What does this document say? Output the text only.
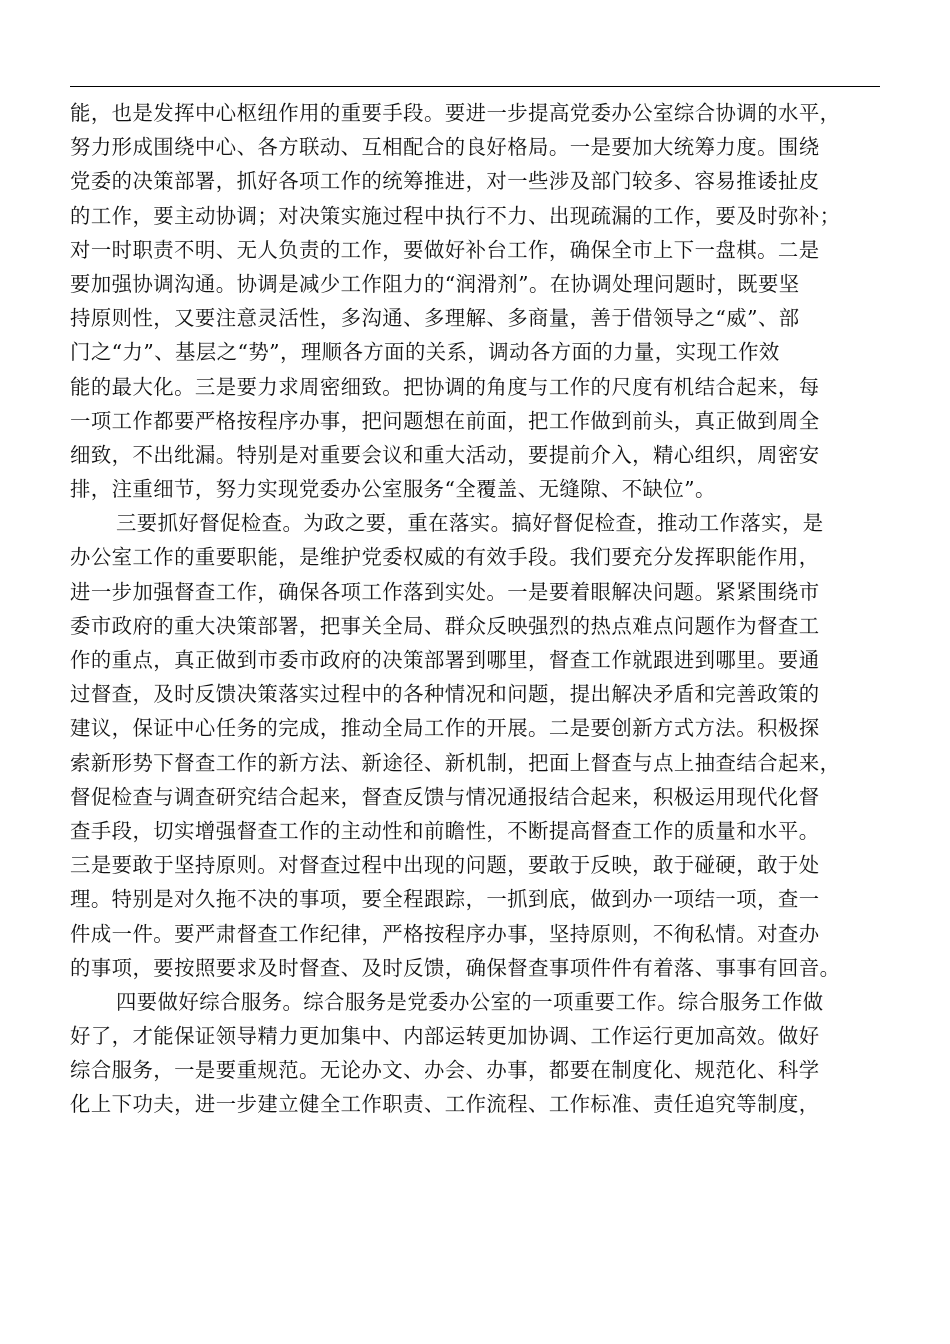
能，也是发挥中心枢纽作用的重要手段。要进一步提高党委办公室综合协调的水平，
努力形成围绕中心、各方联动、互相配合的良好格局。一是要加大统筹力度。围绕
党委的决策部署，抓好各项工作的统筹推进，对一些涉及部门较多、容易推诿扯皮
的工作，要主动协调；对决策实施过程中执行不力、出现疏漏的工作，要及时弥补；
对一时职责不明、无人负责的工作，要做好补台工作，确保全市上下一盘棋。二是
要加强协调沟通。协调是减少工作阻力的“润滑剂”。在协调处理问题时，既要坚
持原则性，又要注意灵活性，多沟通、多理解、多商量，善于借领导之“威”、部
门之“力”、基层之“势”，理顺各方面的关系，调动各方面的力量，实现工作效
能的最大化。三是要力求周密细致。把协调的角度与工作的尺度有机结合起来，每
一项工作都要严格按程序办事，把问题想在前面，把工作做到前头，真正做到周全
细致，不出纰漏。特别是对重要会议和重大活动，要提前介入，精心组织，周密安
排，注重细节，努力实现党委办公室服务“全覆盖、无缝隙、不缺位”。
三要抓好督促检查。为政之要，重在落实。搞好督促检查，推动工作落实，是
办公室工作的重要职能，是维护党委权威的有效手段。我们要充分发挥职能作用，
进一步加强督查工作，确保各项工作落到实处。一是要着眼解决问题。紧紧围绕市
委市政府的重大决策部署，把事关全局、群众反映强烈的热点难点问题作为督查工
作的重点，真正做到市委市政府的决策部署到哪里，督查工作就跟进到哪里。要通
过督查，及时反馈决策落实过程中的各种情况和问题，提出解决矛盾和完善政策的
建议，保证中心任务的完成，推动全局工作的开展。二是要创新方式方法。积极探
索新形势下督查工作的新方法、新途径、新机制，把面上督查与点上抽查结合起来，
督促检查与调查研究结合起来，督查反馈与情况通报结合起来，积极运用现代化督
查手段，切实增强督查工作的主动性和前瞻性，不断提高督查工作的质量和水平。
三是要敢于坚持原则。对督查过程中出现的问题，要敢于反映，敢于碰硬，敢于处
理。特别是对久拖不决的事项，要全程跟踪，一抓到底，做到办一项结一项，查一
件成一件。要严肃督查工作纪律，严格按程序办事，坚持原则，不徇私情。对查办
的事项，要按照要求及时督查、及时反馈，确保督查事项件件有着落、事事有回音。
四要做好综合服务。综合服务是党委办公室的一项重要工作。综合服务工作做
好了，才能保证领导精力更加集中、内部运转更加协调、工作运行更加高效。做好
综合服务，一是要重规范。无论办文、办会、办事，都要在制度化、规范化、科学
化上下功夫，进一步建立健全工作职责、工作流程、工作标准、责任追究等制度，
